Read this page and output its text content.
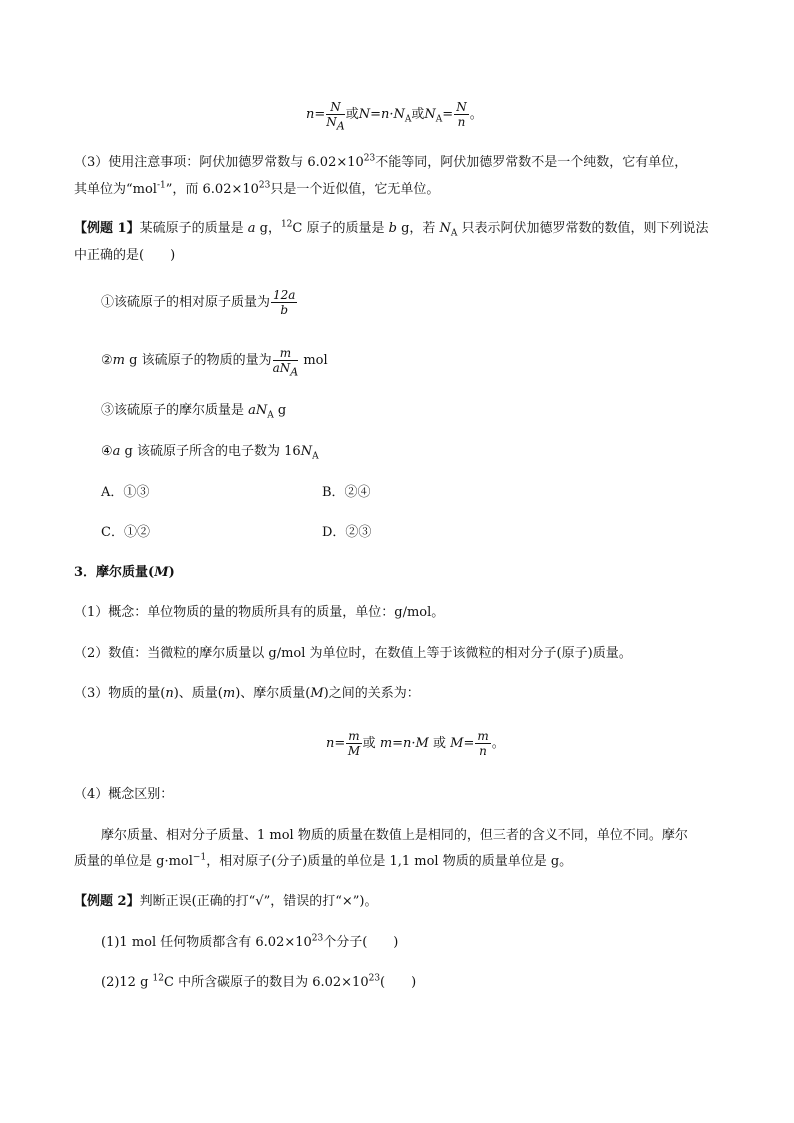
$n= \frac{N}{N_A}$ 或$N=n\cdot N_A$或$N_A= \frac{N}{n}$ 。
（3）使用注意事项：阿伏加德罗常数与 $6.02\times 10^{23}$不能等同，阿伏加德罗常数不是一个纯数，它有单位，
其单位为“mol$^{-1}$”，而 $6.02\times 10^{23}$只是一个近似值，它无单位。
【例题 1】某硫原子的质量是 a g，$^{12}$C 原子的质量是 b g，若 $N_A$ 只表示阿伏加德罗常数的数值，则下列说法
中正确的是(　　)
①该硫原子的相对原子质量为 $\frac{12a}{b}$
②m g 该硫原子的物质的量为 $\frac{m}{aN_A}$ mol
③该硫原子的摩尔质量是 $aN_A$ g
④a g 该硫原子所含的电子数为 $16N_A$
A．①③	B．②④
C．①②	D．②③
3．摩尔质量(M)
（1）概念：单位物质的量的物质所具有的质量，单位：g/mol。
（2）数值：当微粒的摩尔质量以 g/mol 为单位时，在数值上等于该微粒的相对分子(原子)质量。
（3）物质的量(n)、质量(m)、摩尔质量(M)之间的关系为：
$n= \frac{m}{M}$ 或 m=n·M 或 $M= \frac{m}{n}$ 。
（4）概念区别：
摩尔质量、相对分子质量、1 mol 物质的质量在数值上是相同的，但三者的含义不同，单位不同。摩尔
质量的单位是 g·mol$^{-1}$，相对原子(分子)质量的单位是 1,1 mol 物质的质量单位是 g。
【例题 2】判断正误(正确的打“√”，错误的打“×”)。
(1)1 mol 任何物质都含有 $6.02\times 10^{23}$个分子(　　)
(2)12 g $^{12}$C 中所含碳原子的数目为 $6.02\times 10^{23}$(　　)
